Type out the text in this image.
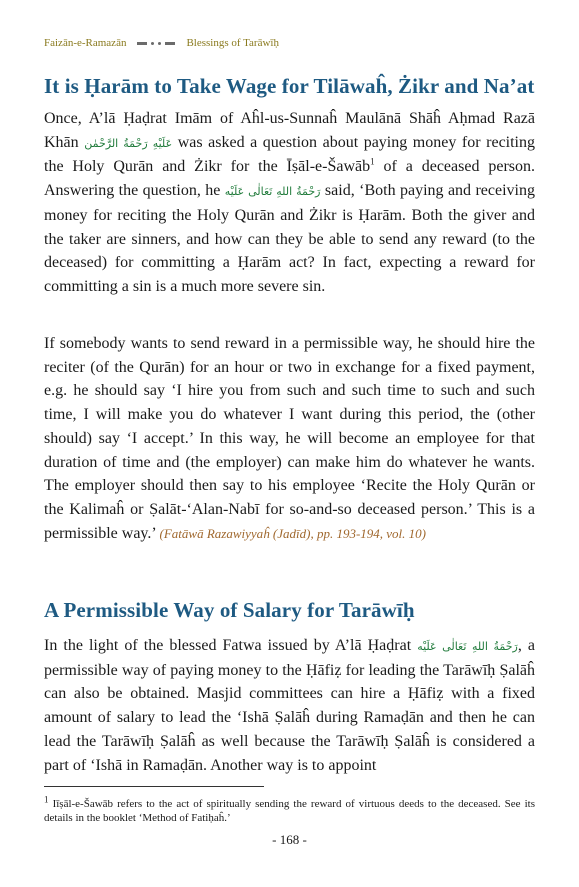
Faizān-e-Ramazān	Blessings of Tarāwīḥ
It is Ḥarām to Take Wage for Tilāwaĥ, Żikr and Na’at

Once, A’lā Ḥaḍrat Imām of Aĥl-us-Sunnaĥ Maulānā Shāĥ Aḥmad Razā Khān عَلَيْهِ رَحْمَةُ الرَّحْمٰن was asked a question about paying money for reciting the Holy Qurān and Żikr for the Īṣāl-e-Šawāb$^1$ of a deceased person. Answering the question, he رَحْمَةُ اللهِ تَعَالٰی عَلَيْه said, ‘Both paying and receiving money for reciting the Holy Qurān and Żikr is Ḥarām. Both the giver and the taker are sinners, and how can they be able to send any reward (to the deceased) for committing a Ḥarām act? In fact, expecting a reward for committing a sin is a much more severe sin.

If somebody wants to send reward in a permissible way, he should hire the reciter (of the Qurān) for an hour or two in exchange for a fixed payment, e.g. he should say ‘I hire you from such and such time to such and such time, I will make you do whatever I want during this period, the (other should) say ‘I accept.’ In this way, he will become an employee for that duration of time and (the employer) can make him do whatever he wants. The employer should then say to his employee ‘Recite the Holy Qurān or the Kalimaĥ or Ṣalāt-‘Alan-Nabī for so-and-so deceased person.’ This is a permissible way.’ (Fatāwā Razawiyyaĥ (Jadīd), pp. 193-194, vol. 10)

A Permissible Way of Salary for Tarāwīḥ

In the light of the blessed Fatwa issued by A’lā Ḥaḍrat رَحْمَةُ اللهِ تَعَالٰی عَلَيْه, a permissible way of paying money to the Ḥāfiẓ for leading the Tarāwīḥ Ṣalāĥ can also be obtained. Masjid committees can hire a Ḥāfiẓ with a fixed amount of salary to lead the ‘Ishā Ṣalāĥ during Ramaḍān and then he can lead the Tarāwīḥ Ṣalāĥ as well because the Tarāwīḥ Ṣalāĥ is considered a part of ‘Ishā in Ramaḍān. Another way is to appoint

$^1$ Iīṣāl-e-Šawāb refers to the act of spiritually sending the reward of virtuous deeds to the deceased. See its details in the booklet ‘Method of Fatiḥaĥ.’
- 168 -
